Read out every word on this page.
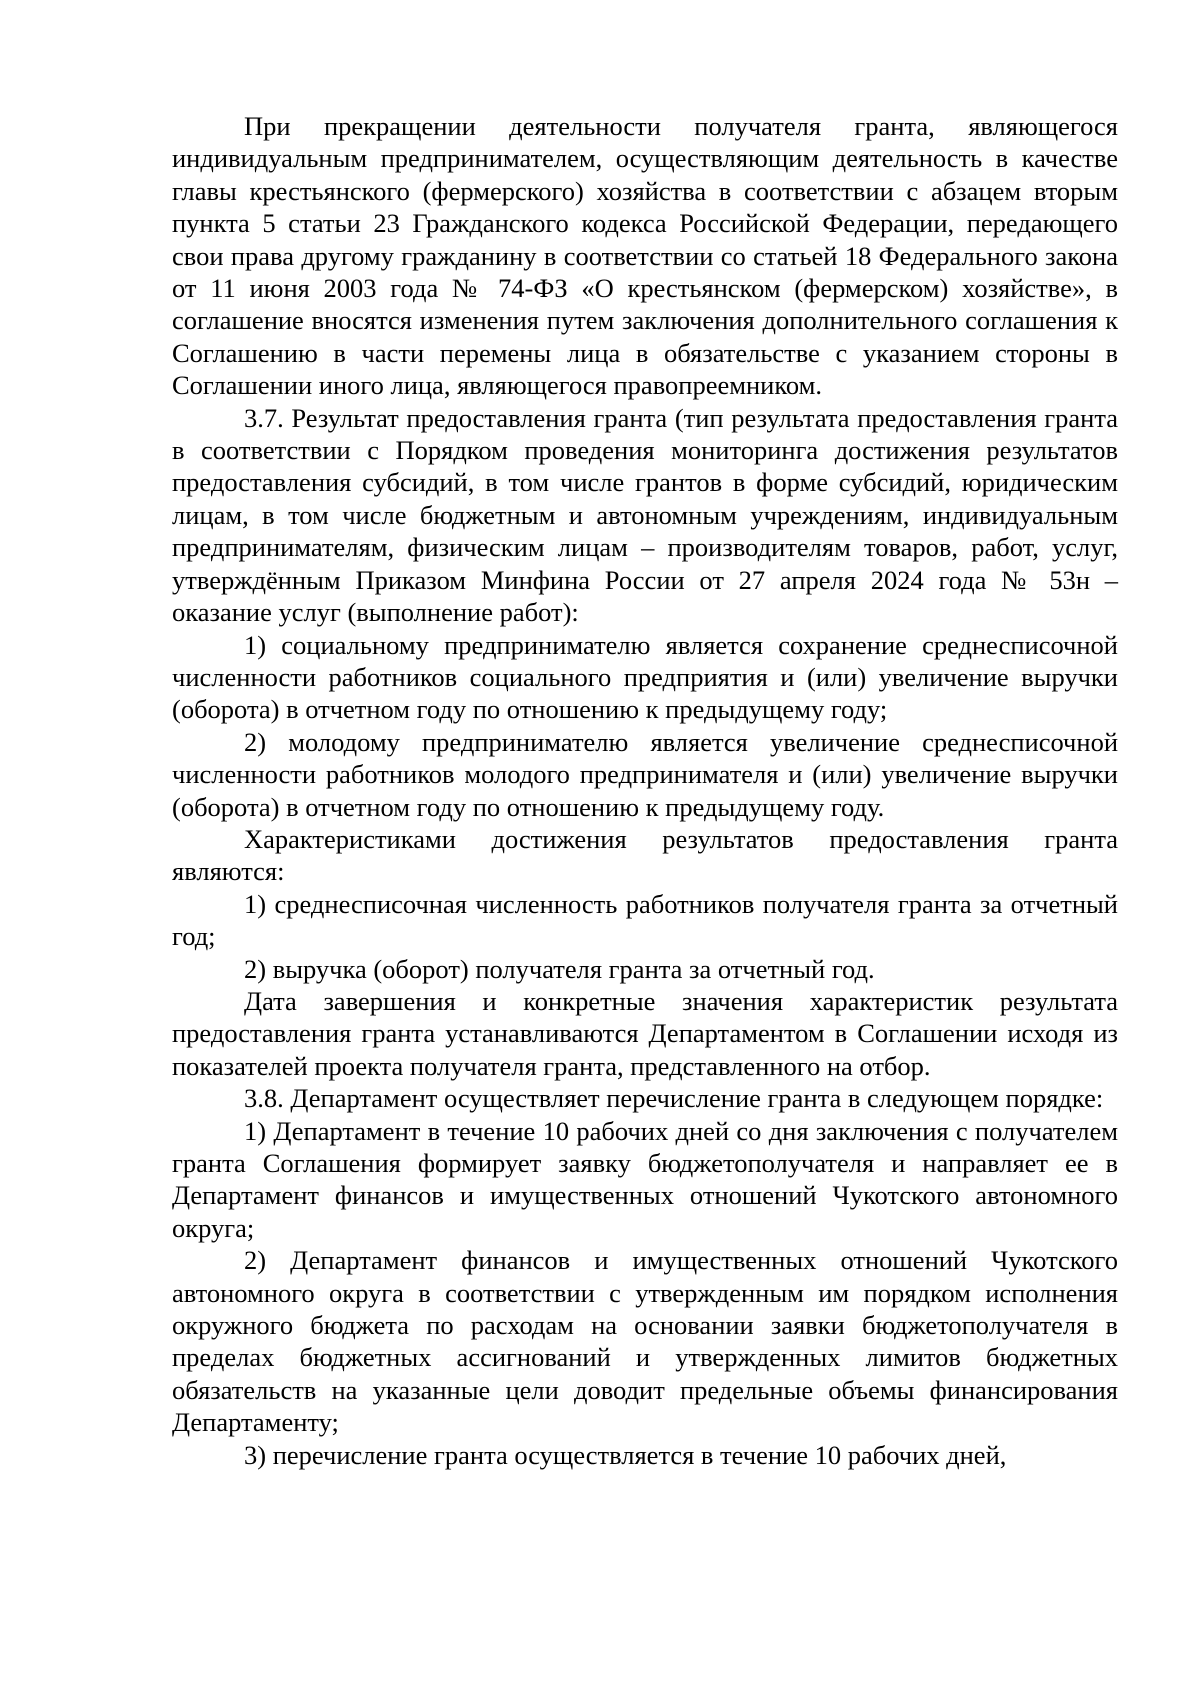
При прекращении деятельности получателя гранта, являющегося индивидуальным предпринимателем, осуществляющим деятельность в качестве главы крестьянского (фермерского) хозяйства в соответствии с абзацем вторым пункта 5 статьи 23 Гражданского кодекса Российской Федерации, передающего свои права другому гражданину в соответствии со статьей 18 Федерального закона от 11 июня 2003 года № 74-ФЗ «О крестьянском (фермерском) хозяйстве», в соглашение вносятся изменения путем заключения дополнительного соглашения к Соглашению в части перемены лица в обязательстве с указанием стороны в Соглашении иного лица, являющегося правопреемником.

3.7. Результат предоставления гранта (тип результата предоставления гранта в соответствии с Порядком проведения мониторинга достижения результатов предоставления субсидий, в том числе грантов в форме субсидий, юридическим лицам, в том числе бюджетным и автономным учреждениям, индивидуальным предпринимателям, физическим лицам – производителям товаров, работ, услуг, утверждённым Приказом Минфина России от 27 апреля 2024 года № 53н – оказание услуг (выполнение работ):

1) социальному предпринимателю является сохранение среднесписочной численности работников социального предприятия и (или) увеличение выручки (оборота) в отчетном году по отношению к предыдущему году;

2) молодому предпринимателю является увеличение среднесписочной численности работников молодого предпринимателя и (или) увеличение выручки (оборота) в отчетном году по отношению к предыдущему году.

Характеристиками достижения результатов предоставления гранта являются:

1) среднесписочная численность работников получателя гранта за отчетный год;

2) выручка (оборот) получателя гранта за отчетный год.

Дата завершения и конкретные значения характеристик результата предоставления гранта устанавливаются Департаментом в Соглашении исходя из показателей проекта получателя гранта, представленного на отбор.

3.8. Департамент осуществляет перечисление гранта в следующем порядке:

1) Департамент в течение 10 рабочих дней со дня заключения с получателем гранта Соглашения формирует заявку бюджетополучателя и направляет ее в Департамент финансов и имущественных отношений Чукотского автономного округа;

2) Департамент финансов и имущественных отношений Чукотского автономного округа в соответствии с утвержденным им порядком исполнения окружного бюджета по расходам на основании заявки бюджетополучателя в пределах бюджетных ассигнований и утвержденных лимитов бюджетных обязательств на указанные цели доводит предельные объемы финансирования Департаменту;

3) перечисление гранта осуществляется в течение 10 рабочих дней,
